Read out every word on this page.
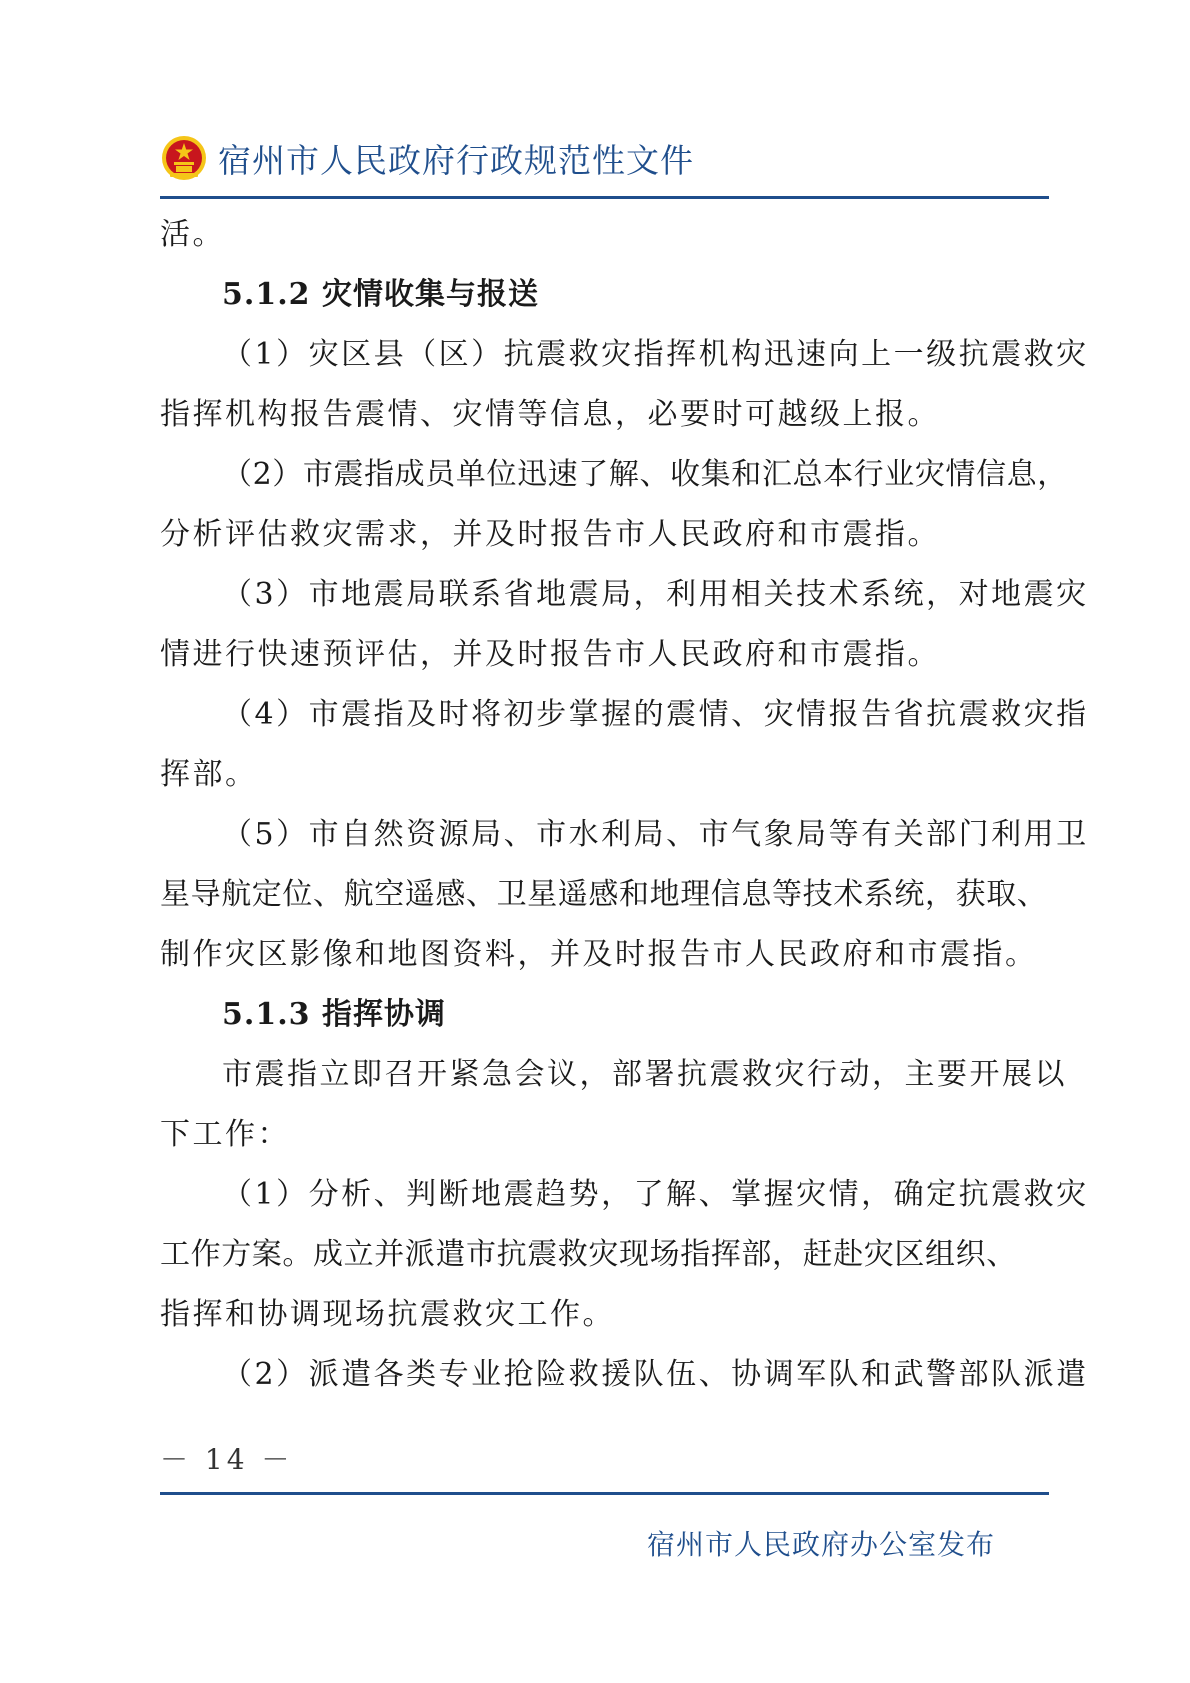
宿州市人民政府行政规范性文件
活。
5.1.2 灾情收集与报送
（1）灾区县（区）抗震救灾指挥机构迅速向上一级抗震救灾
指挥机构报告震情、灾情等信息，必要时可越级上报。
（2）市震指成员单位迅速了解、收集和汇总本行业灾情信息，
分析评估救灾需求，并及时报告市人民政府和市震指。
（3）市地震局联系省地震局，利用相关技术系统，对地震灾
情进行快速预评估，并及时报告市人民政府和市震指。
（4）市震指及时将初步掌握的震情、灾情报告省抗震救灾指
挥部。
（5）市自然资源局、市水利局、市气象局等有关部门利用卫
星导航定位、航空遥感、卫星遥感和地理信息等技术系统，获取、
制作灾区影像和地图资料，并及时报告市人民政府和市震指。
5.1.3 指挥协调
市震指立即召开紧急会议，部署抗震救灾行动，主要开展以
下工作：
（1）分析、判断地震趋势，了解、掌握灾情，确定抗震救灾
工作方案。成立并派遣市抗震救灾现场指挥部，赶赴灾区组织、
指挥和协调现场抗震救灾工作。
（2）派遣各类专业抢险救援队伍、协调军队和武警部队派遣
－ 14 －
宿州市人民政府办公室发布
